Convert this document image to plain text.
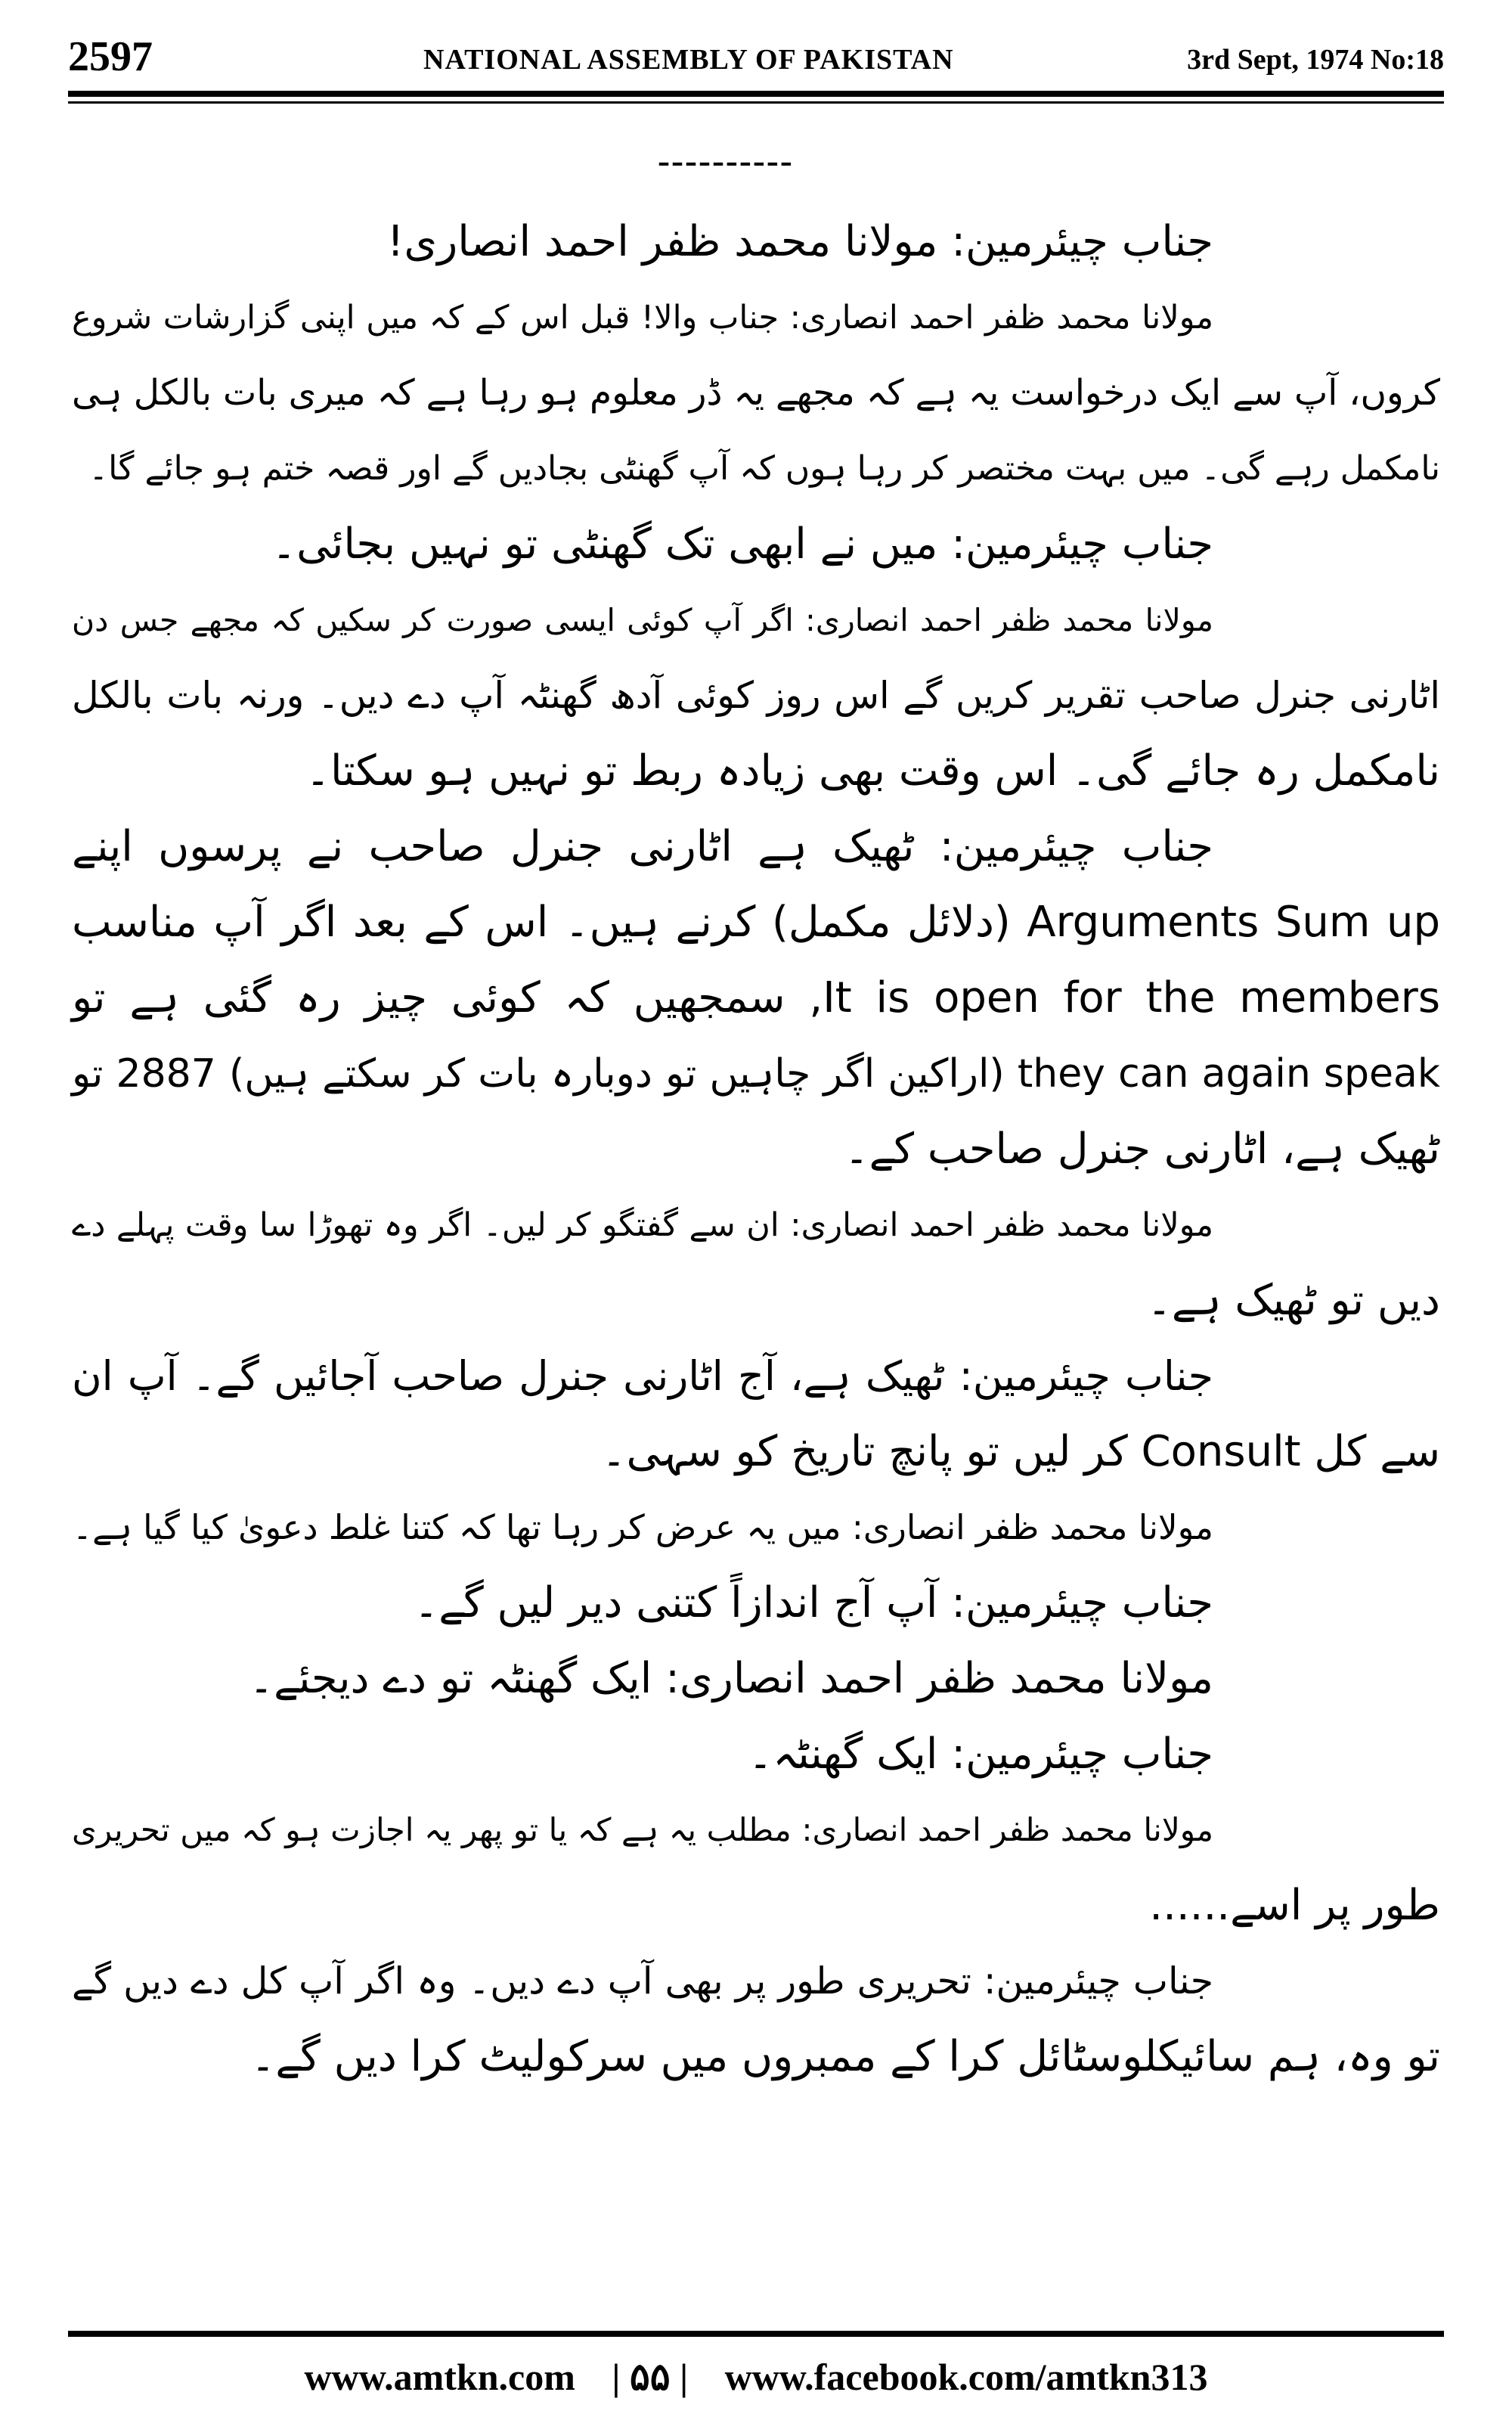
2597	NATIONAL ASSEMBLY OF PAKISTAN	3rd Sept, 1974 No:18
----------
جناب چیئرمین: مولانا محمد ظفر احمد انصاری!
مولانا محمد ظفر احمد انصاری: جناب والا! قبل اس کے کہ میں اپنی گزارشات شروع
کروں، آپ سے ایک درخواست یہ ہے کہ مجھے یہ ڈر معلوم ہو رہا ہے کہ میری بات بالکل ہی
نامکمل رہے گی۔ میں بہت مختصر کر رہا ہوں کہ آپ گھنٹی بجادیں گے اور قصہ ختم ہو جائے گا۔
جناب چیئرمین: میں نے ابھی تک گھنٹی تو نہیں بجائی۔
مولانا محمد ظفر احمد انصاری: اگر آپ کوئی ایسی صورت کر سکیں کہ مجھے جس دن
اٹارنی جنرل صاحب تقریر کریں گے اس روز کوئی آدھ گھنٹہ آپ دے دیں۔ ورنہ بات بالکل
نامکمل رہ جائے گی۔ اس وقت بھی زیادہ ربط تو نہیں ہو سکتا۔
جناب چیئرمین: ٹھیک ہے اٹارنی جنرل صاحب نے پرسوں اپنے
Arguments Sum up (دلائل مکمل) کرنے ہیں۔ اس کے بعد اگر آپ مناسب
It is open for the members, سمجھیں کہ کوئی چیز رہ گئی ہے تو
they can again speak (اراکین اگر چاہیں تو دوبارہ بات کر سکتے ہیں) 2887 تو
ٹھیک ہے، اٹارنی جنرل صاحب کے۔
مولانا محمد ظفر احمد انصاری: ان سے گفتگو کر لیں۔ اگر وہ تھوڑا سا وقت پہلے دے
دیں تو ٹھیک ہے۔
جناب چیئرمین: ٹھیک ہے، آج اٹارنی جنرل صاحب آجائیں گے۔ آپ ان
سے کل Consult کر لیں تو پانچ تاریخ کو سہی۔
مولانا محمد ظفر انصاری: میں یہ عرض کر رہا تھا کہ کتنا غلط دعویٰ کیا گیا ہے۔
جناب چیئرمین: آپ آج اندازاً کتنی دیر لیں گے۔
مولانا محمد ظفر احمد انصاری: ایک گھنٹہ تو دے دیجئے۔
جناب چیئرمین: ایک گھنٹہ۔
مولانا محمد ظفر احمد انصاری: مطلب یہ ہے کہ یا تو پھر یہ اجازت ہو کہ میں تحریری
طور پر اسے......
جناب چیئرمین: تحریری طور پر بھی آپ دے دیں۔ وہ اگر آپ کل دے دیں گے
تو وہ، ہم سائیکلوسٹائل کرا کے ممبروں میں سرکولیٹ کرا دیں گے۔
www.amtkn.com | ۵۵ | www.facebook.com/amtkn313
